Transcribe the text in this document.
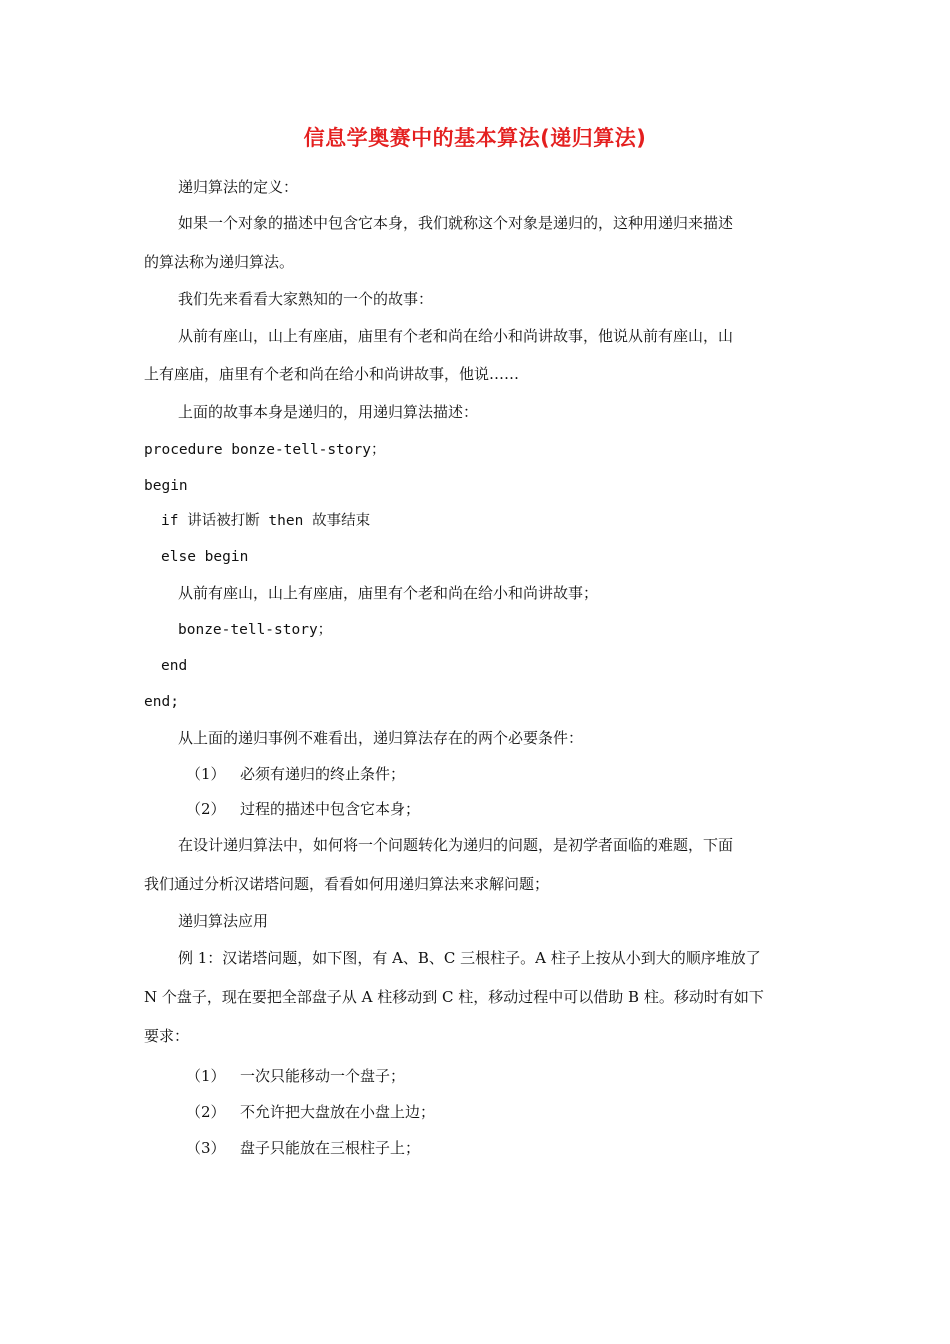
信息学奥赛中的基本算法(递归算法)
递归算法的定义：
如果一个对象的描述中包含它本身，我们就称这个对象是递归的，这种用递归来描述
的算法称为递归算法。
我们先来看看大家熟知的一个的故事：
从前有座山，山上有座庙，庙里有个老和尚在给小和尚讲故事，他说从前有座山，山
上有座庙，庙里有个老和尚在给小和尚讲故事，他说……
上面的故事本身是递归的，用递归算法描述：
procedure bonze-tell-story；
begin
if 讲话被打断 then 故事结束
else begin
从前有座山，山上有座庙，庙里有个老和尚在给小和尚讲故事；
bonze-tell-story；
end
end;
从上面的递归事例不难看出，递归算法存在的两个必要条件：
（1） 必须有递归的终止条件；
（2） 过程的描述中包含它本身；
在设计递归算法中，如何将一个问题转化为递归的问题，是初学者面临的难题，下面
我们通过分析汉诺塔问题，看看如何用递归算法来求解问题；
递归算法应用
例 1：汉诺塔问题，如下图，有 A、B、C 三根柱子。A 柱子上按从小到大的顺序堆放了
N 个盘子，现在要把全部盘子从 A 柱移动到 C 柱，移动过程中可以借助 B 柱。移动时有如下
要求：
（1） 一次只能移动一个盘子；
（2） 不允许把大盘放在小盘上边；
（3） 盘子只能放在三根柱子上；
